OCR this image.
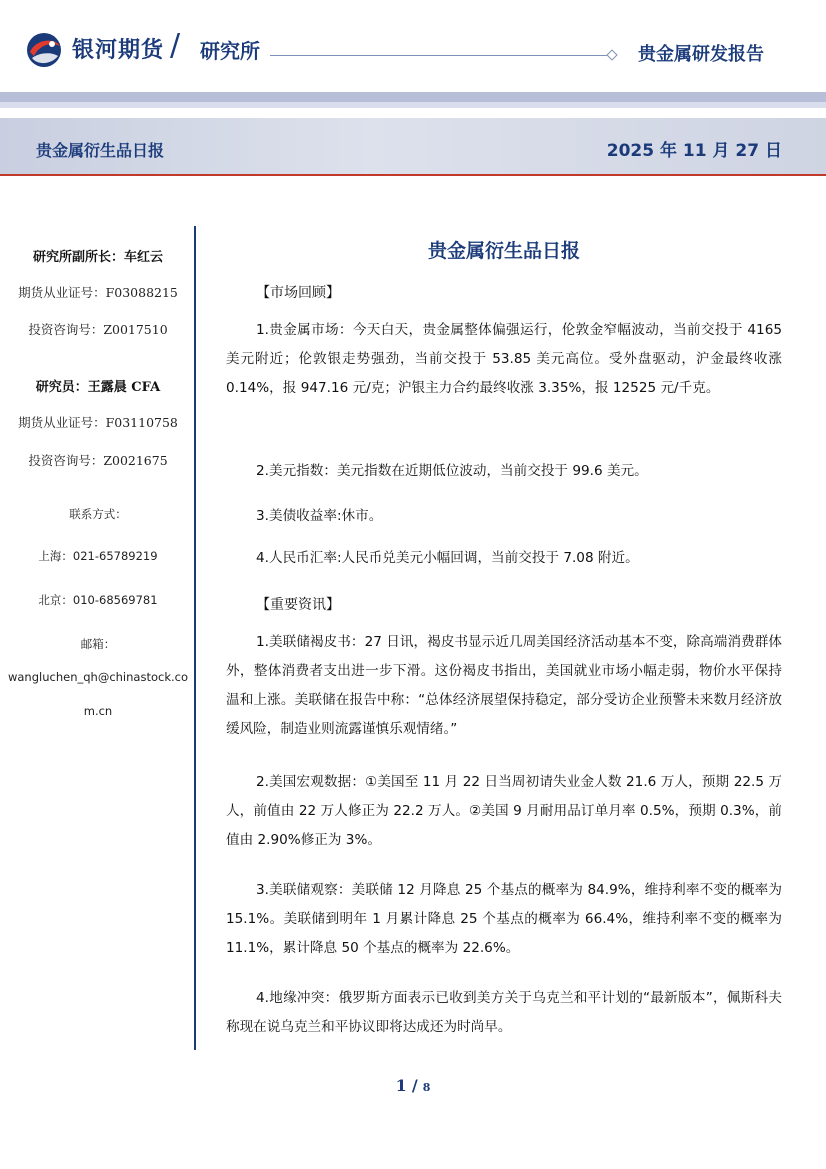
银河期货 / 研究所	贵金属研发报告
贵金属衍生品日报	2025 年 11 月 27 日
研究所副所长：车红云
期货从业证号：F03088215
投资咨询号：Z0017510
研究员：王露晨 CFA
期货从业证号：F03110758
投资咨询号：Z0021675
联系方式：
上海：021-65789219
北京：010-68569781
邮箱：
wangluchen_qh@chinastock.co
m.cn
贵金属衍生品日报
【市场回顾】
1.贵金属市场：今天白天，贵金属整体偏强运行，伦敦金窄幅波动，当前交投于 4165 美元附近；伦敦银走势强劲，当前交投于 53.85 美元高位。受外盘驱动，沪金最终收涨 0.14%，报 947.16 元/克；沪银主力合约最终收涨 3.35%，报 12525 元/千克。
2.美元指数：美元指数在近期低位波动，当前交投于 99.6 美元。
3.美债收益率:休市。
4.人民币汇率:人民币兑美元小幅回调，当前交投于 7.08 附近。
【重要资讯】
1.美联储褐皮书：27 日讯，褐皮书显示近几周美国经济活动基本不变，除高端消费群体外，整体消费者支出进一步下滑。这份褐皮书指出，美国就业市场小幅走弱，物价水平保持温和上涨。美联储在报告中称：“总体经济展望保持稳定，部分受访企业预警未来数月经济放缓风险，制造业则流露谨慎乐观情绪。”
2.美国宏观数据：①美国至 11 月 22 日当周初请失业金人数 21.6 万人，预期 22.5 万人，前值由 22 万人修正为 22.2 万人。②美国 9 月耐用品订单月率 0.5%，预期 0.3%，前值由 2.90%修正为 3%。
3.美联储观察：美联储 12 月降息 25 个基点的概率为 84.9%，维持利率不变的概率为 15.1%。美联储到明年 1 月累计降息 25 个基点的概率为 66.4%，维持利率不变的概率为 11.1%，累计降息 50 个基点的概率为 22.6%。
4.地缘冲突：俄罗斯方面表示已收到美方关于乌克兰和平计划的“最新版本”，佩斯科夫称现在说乌克兰和平协议即将达成还为时尚早。
1 / 8
